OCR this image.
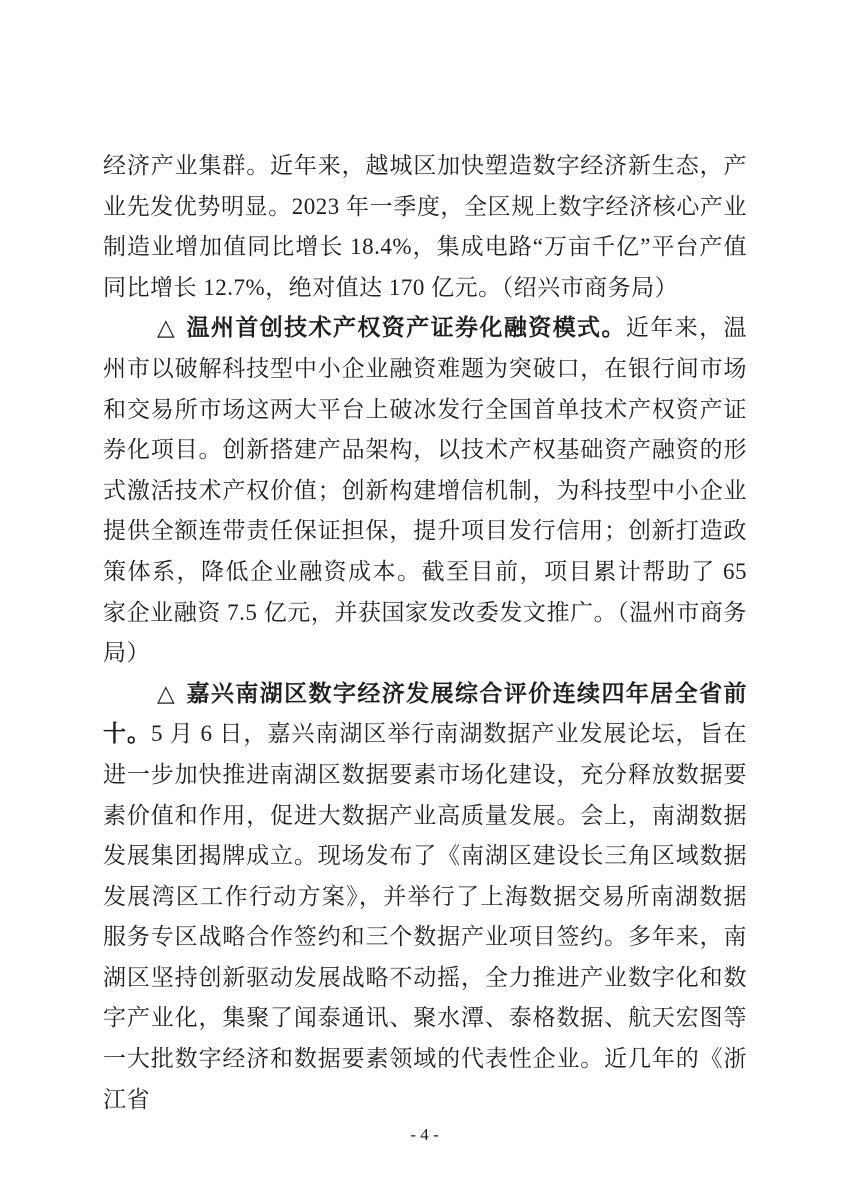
经济产业集群。近年来，越城区加快塑造数字经济新生态，产业先发优势明显。2023 年一季度，全区规上数字经济核心产业制造业增加值同比增长 18.4%，集成电路“万亩千亿”平台产值同比增长 12.7%，绝对值达 170 亿元。（绍兴市商务局）

△ 温州首创技术产权资产证券化融资模式。近年来，温州市以破解科技型中小企业融资难题为突破口，在银行间市场和交易所市场这两大平台上破冰发行全国首单技术产权资产证券化项目。创新搭建产品架构，以技术产权基础资产融资的形式激活技术产权价值；创新构建增信机制，为科技型中小企业提供全额连带责任保证担保，提升项目发行信用；创新打造政策体系，降低企业融资成本。截至目前，项目累计帮助了 65 家企业融资 7.5 亿元，并获国家发改委发文推广。（温州市商务局）

△ 嘉兴南湖区数字经济发展综合评价连续四年居全省前十。5 月 6 日，嘉兴南湖区举行南湖数据产业发展论坛，旨在进一步加快推进南湖区数据要素市场化建设，充分释放数据要素价值和作用，促进大数据产业高质量发展。会上，南湖数据发展集团揭牌成立。现场发布了《南湖区建设长三角区域数据发展湾区工作行动方案》，并举行了上海数据交易所南湖数据服务专区战略合作签约和三个数据产业项目签约。多年来，南湖区坚持创新驱动发展战略不动摇，全力推进产业数字化和数字产业化，集聚了闻泰通讯、聚水潭、泰格数据、航天宏图等一大批数字经济和数据要素领域的代表性企业。近几年的《浙江省

- 4 -
